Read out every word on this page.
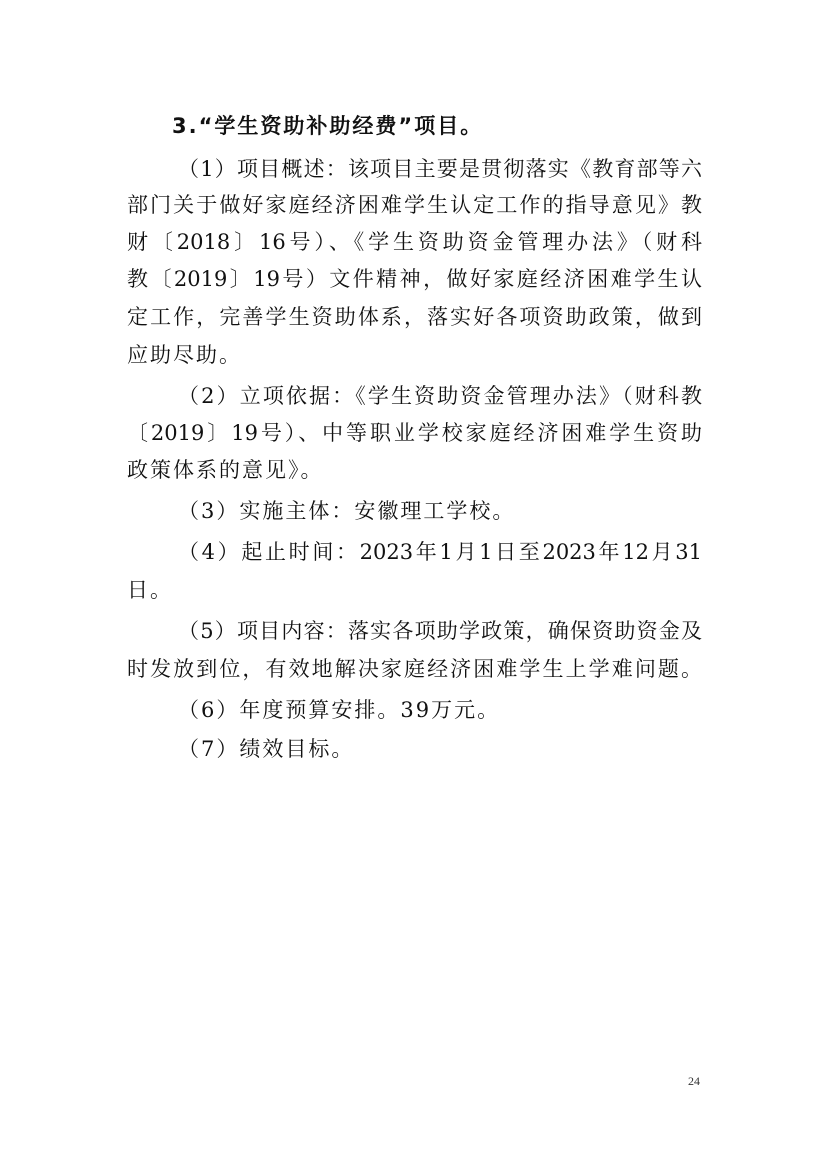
3.“学生资助补助经费”项目。
（1）项目概述：该项目主要是贯彻落实《教育部等六
部门关于做好家庭经济困难学生认定工作的指导意见》教
财〔2018〕16号）、《学生资助资金管理办法》（财科
教〔2019〕19号）文件精神，做好家庭经济困难学生认
定工作，完善学生资助体系，落实好各项资助政策，做到
应助尽助。
（2）立项依据：《学生资助资金管理办法》（财科教
〔2019〕19号）、中等职业学校家庭经济困难学生资助
政策体系的意见》。
（3）实施主体：安徽理工学校。
（4）起止时间：2023年1月1日至2023年12月31
日。
（5）项目内容：落实各项助学政策，确保资助资金及
时发放到位，有效地解决家庭经济困难学生上学难问题。
（6）年度预算安排。39万元。
（7）绩效目标。
24
